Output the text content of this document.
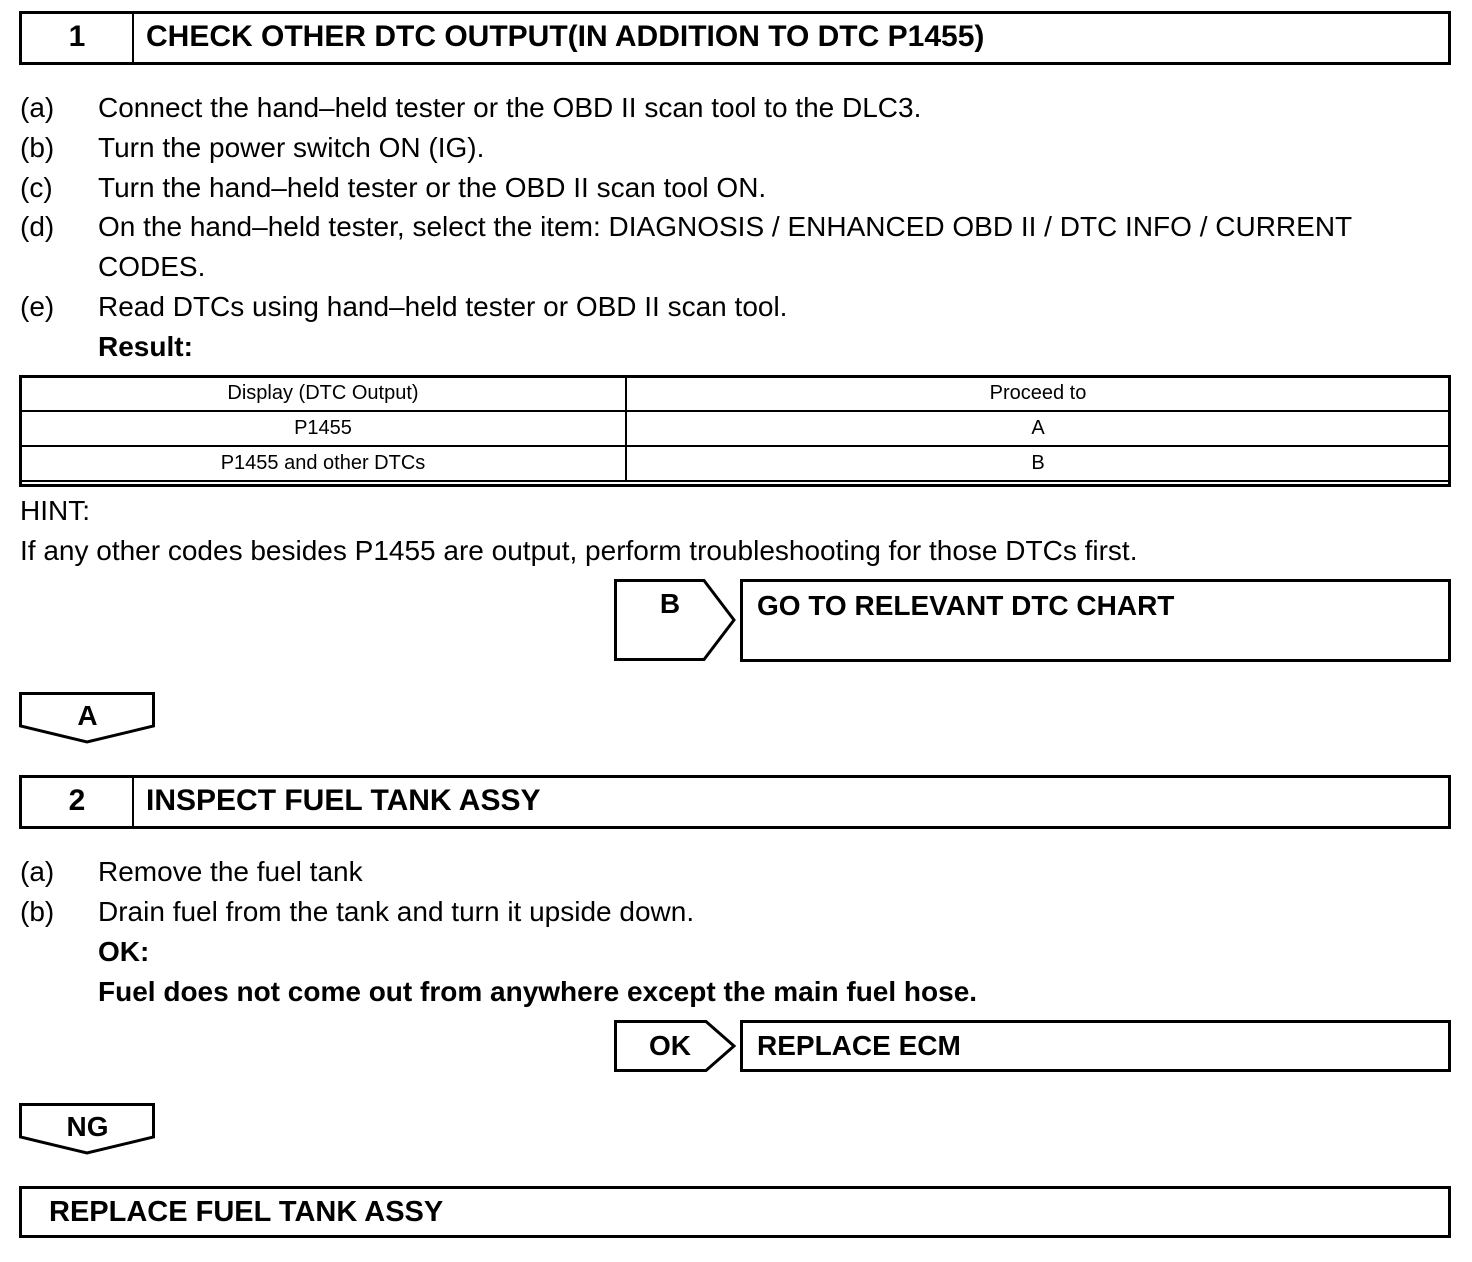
1	CHECK OTHER DTC OUTPUT(IN ADDITION TO DTC P1455)
(a) Connect the hand–held tester or the OBD II scan tool to the DLC3.
(b) Turn the power switch ON (IG).
(c) Turn the hand–held tester or the OBD II scan tool ON.
(d) On the hand–held tester, select the item: DIAGNOSIS / ENHANCED OBD II / DTC INFO / CURRENT
CODES.
(e) Read DTCs using hand–held tester or OBD II scan tool.
Result:
Display (DTC Output)	Proceed to
P1455	A
P1455 and other DTCs	B
HINT:
If any other codes besides P1455 are output, perform troubleshooting for those DTCs first.
B	GO TO RELEVANT DTC CHART
A
2	INSPECT FUEL TANK ASSY
(a) Remove the fuel tank
(b) Drain fuel from the tank and turn it upside down.
OK:
Fuel does not come out from anywhere except the main fuel hose.
OK	REPLACE ECM
NG
REPLACE FUEL TANK ASSY
